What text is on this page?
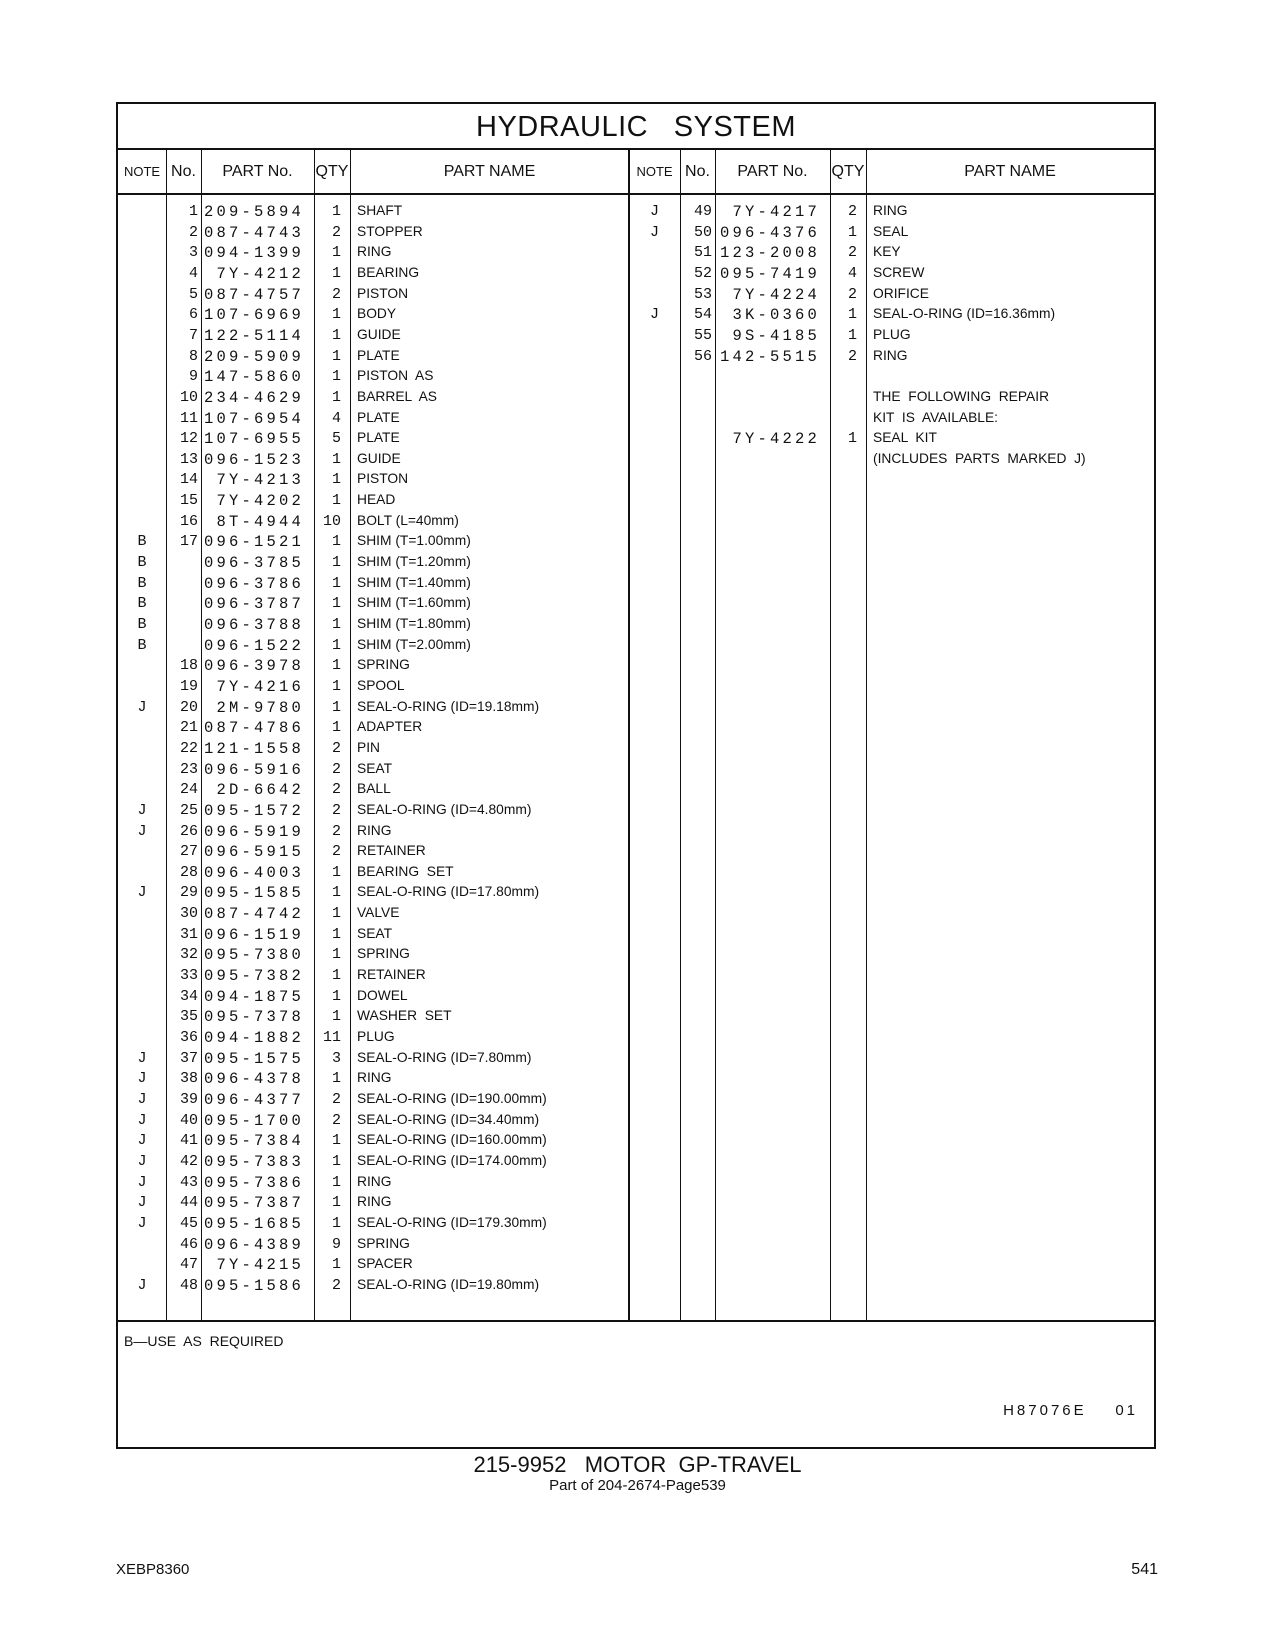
HYDRAULIC   SYSTEM
NOTE No.	PART No.	QTY	PART NAME	NOTE No.	PART No.	QTY	PART NAME
1 209-5894 1 SHAFT
2 087-4743 2 STOPPER
3 094-1399 1 RING
4 7Y-4212 1 BEARING
5 087-4757 2 PISTON
6 107-6969 1 BODY
7 122-5114 1 GUIDE
8 209-5909 1 PLATE
9 147-5860 1 PISTON  AS
10 234-4629 1 BARREL  AS
11 107-6954 4 PLATE
12 107-6955 5 PLATE
13 096-1523 1 GUIDE
14 7Y-4213 1 PISTON
15 7Y-4202 1 HEAD
16 8T-4944 10 BOLT (L=40mm)
B	17 096-1521 1 SHIM (T=1.00mm)
B	096-3785 1 SHIM (T=1.20mm)
B	096-3786 1 SHIM (T=1.40mm)
B	096-3787 1 SHIM (T=1.60mm)
B	096-3788 1 SHIM (T=1.80mm)
B	096-1522 1 SHIM (T=2.00mm)
18 096-3978 1 SPRING
19 7Y-4216 1 SPOOL
J	20 2M-9780 1 SEAL-O-RING (ID=19.18mm)
21 087-4786 1 ADAPTER
22 121-1558 2 PIN
23 096-5916 2 SEAT
24 2D-6642 2 BALL
J	25 095-1572 2 SEAL-O-RING (ID=4.80mm)
J	26 096-5919 2 RING
27 096-5915 2 RETAINER
28 096-4003 1 BEARING  SET
J	29 095-1585 1 SEAL-O-RING (ID=17.80mm)
30 087-4742 1 VALVE
31 096-1519 1 SEAT
32 095-7380 1 SPRING
33 095-7382 1 RETAINER
34 094-1875 1 DOWEL
35 095-7378 1 WASHER  SET
36 094-1882 11 PLUG
J	37 095-1575 3 SEAL-O-RING (ID=7.80mm)
J	38 096-4378 1 RING
J	39 096-4377 2 SEAL-O-RING (ID=190.00mm)
J	40 095-1700 2 SEAL-O-RING (ID=34.40mm)
J	41 095-7384 1 SEAL-O-RING (ID=160.00mm)
J	42 095-7383 1 SEAL-O-RING (ID=174.00mm)
J	43 095-7386 1 RING
J	44 095-7387 1 RING
J	45 095-1685 1 SEAL-O-RING (ID=179.30mm)
46 096-4389 9 SPRING
47 7Y-4215 1 SPACER
J	48 095-1586 2 SEAL-O-RING (ID=19.80mm)
J	49 7Y-4217 2 RING
J	50 096-4376 1 SEAL
51 123-2008 2 KEY
52 095-7419 4 SCREW
53 7Y-4224 2 ORIFICE
J	54 3K-0360 1 SEAL-O-RING (ID=16.36mm)
55 9S-4185 1 PLUG
56 142-5515 2 RING
THE  FOLLOWING  REPAIR
KIT  IS  AVAILABLE:
7Y-4222 1 SEAL  KIT
(INCLUDES  PARTS  MARKED  J)
B—USE  AS  REQUIRED
H87076E    01
215-9952   MOTOR  GP-TRAVEL
Part of 204-2674-Page539
XEBP8360	541
